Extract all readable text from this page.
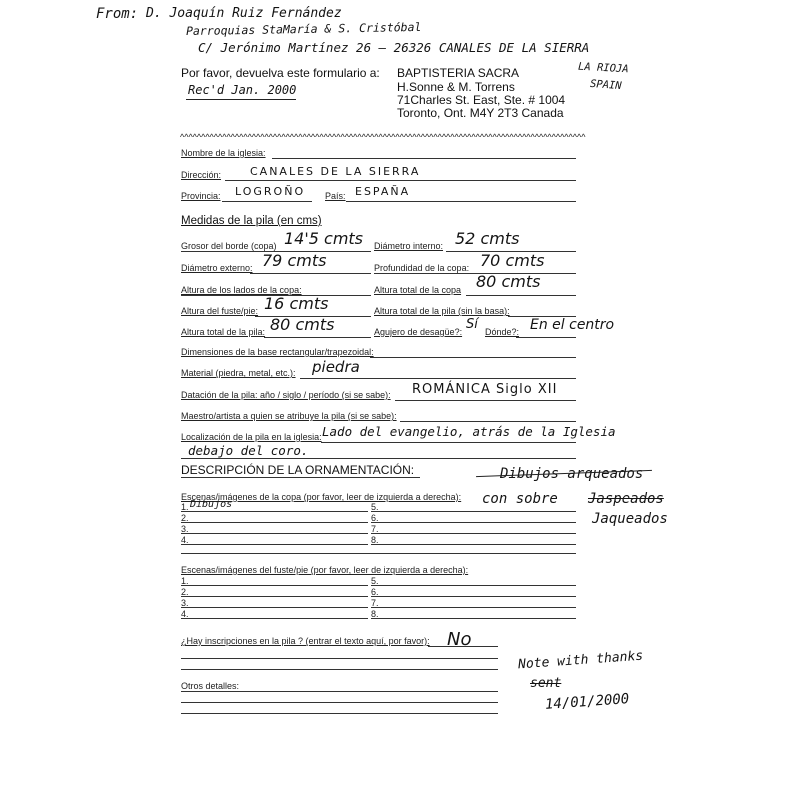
From: D. Joaquín Ruiz Fernández
Parroquias StaMaría & S. Cristóbal
C/ Jerónimo Martínez 26 — 26326 CANALES DE LA SIERRA
LA RIOJA
SPAIN
Rec'd Jan. 2000
Por favor, devuelva este formulario a: BAPTISTERIA SACRA
H.Sonne & M. Torrens
71Charles St. East, Ste. # 1004
Toronto, Ont. M4Y 2T3 Canada
^^^^^^^^^^^^^^^^^^^^^^^^^^^^^^^^^^^^^^^^^^^^^^^^^^^^^^^^^^^^^^^^^^^^^^^^^^^^^^^^^^^^^^^^^^^^^^^^
Nombre de la iglesia:
Dirección:	CANALES DE LA SIERRA
Provincia: LOGROÑO País: ESPAÑA
Medidas de la pila (en cms)
Grosor del borde (copa) 14'5 cmts Diámetro interno: 52 cmts
Diámetro externo: 79 cmts	Profundidad de la copa: 70 cmts
Altura de los lados de la copa:	Altura total de la copa 80 cmts
Altura del fuste/pie: 16 cmts	Altura total de la pila (sin la basa):
Altura total de la pila: 80 cmts	Agujero de desagüe?: Sí Dónde?: En el centro
Dimensiones de la base rectangular/trapezoidal:
Material (piedra, metal, etc.): piedra
Datación de la pila: año / siglo / período (si se sabe): ROMÁNICA Siglo XII
Maestro/artista a quien se atribuye la pila (si se sabe):
Localización de la pila en la iglesia: Lado del evangelio, atrás de la Iglesia
debajo del coro.
DESCRIPCIÓN DE LA ORNAMENTACIÓN:	Dibujos arqueados
con sobre Jaspeados
Jaqueados
Escenas/imágenes de la copa (por favor, leer de izquierda a derecha):
1. Dibujos	5.
2.	6.
3.	7.
4.	8.
Escenas/imágenes del fuste/pie (por favor, leer de izquierda a derecha):
1.	5.
2.	6.
3.	7.
4.	8.
¿Hay inscripciones en la pila ? (entrar el texto aquí, por favor): No
Otros detalles:
Note with thanks
sent
14/01/2000
